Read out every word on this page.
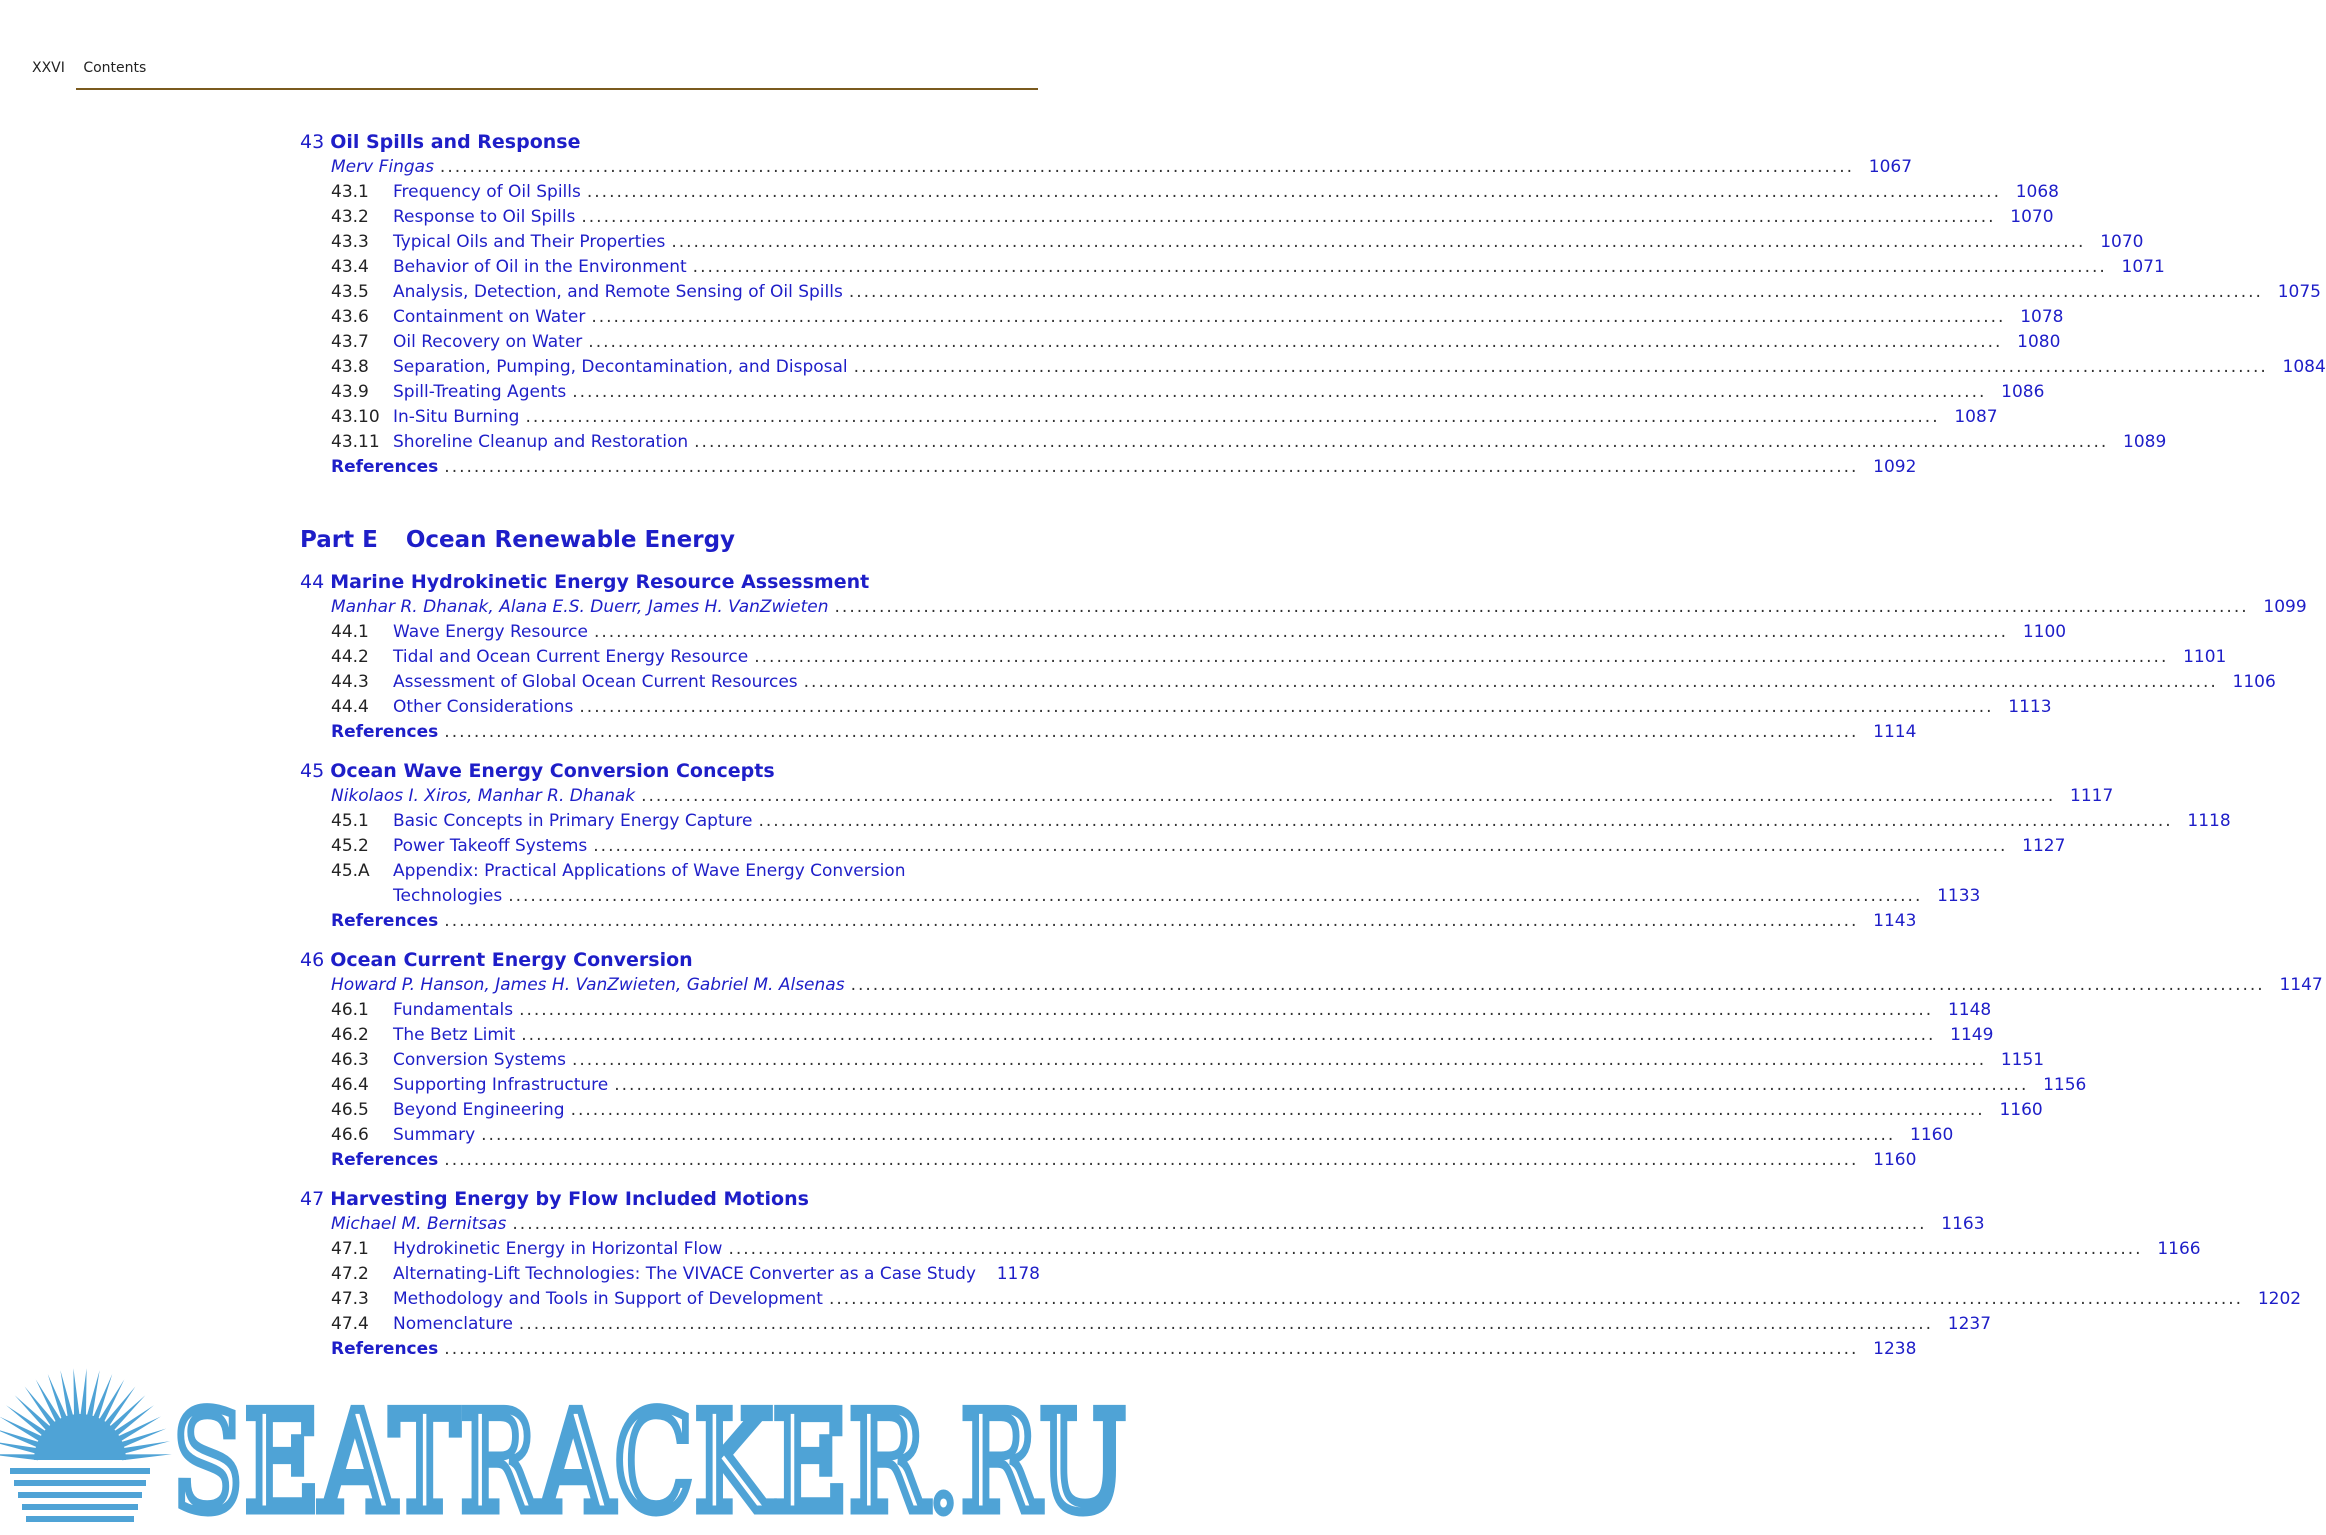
XXVI Contents
43 Oil Spills and Response
Merv Fingas .....	1067
43.1	Frequency of Oil Spills .....	1068
43.2	Response to Oil Spills .....	1070
43.3	Typical Oils and Their Properties .....	1070
43.4	Behavior of Oil in the Environment .....	1071
43.5	Analysis, Detection, and Remote Sensing of Oil Spills .....	1075
43.6	Containment on Water .....	1078
43.7	Oil Recovery on Water .....	1080
43.8	Separation, Pumping, Decontamination, and Disposal .....	1084
43.9	Spill-Treating Agents .....	1086
43.10 In-Situ Burning .....	1087
43.11 Shoreline Cleanup and Restoration .....	1089
References .....	1092
Part E Ocean Renewable Energy
44 Marine Hydrokinetic Energy Resource Assessment
Manhar R. Dhanak, Alana E.S. Duerr, James H. VanZwieten .....	1099
44.1	Wave Energy Resource .....	1100
44.2	Tidal and Ocean Current Energy Resource .....	1101
44.3	Assessment of Global Ocean Current Resources .....	1106
44.4	Other Considerations .....	1113
References .....	1114
45 Ocean Wave Energy Conversion Concepts
Nikolaos I. Xiros, Manhar R. Dhanak .....	1117
45.1	Basic Concepts in Primary Energy Capture .....	1118
45.2	Power Takeoff Systems .....	1127
45.A	Appendix: Practical Applications of Wave Energy Conversion
Technologies .....	1133
References .....	1143
46 Ocean Current Energy Conversion
Howard P. Hanson, James H. VanZwieten, Gabriel M. Alsenas .....	1147
46.1	Fundamentals .....	1148
46.2	The Betz Limit .....	1149
46.3	Conversion Systems .....	1151
46.4	Supporting Infrastructure .....	1156
46.5	Beyond Engineering .....	1160
46.6	Summary .....	1160
References .....	1160
47 Harvesting Energy by Flow Included Motions
Michael M. Bernitsas .....	1163
47.1	Hydrokinetic Energy in Horizontal Flow .....	1166
47.2	Alternating-Lift Technologies: The VIVACE Converter as a Case Study	1178
47.3	Methodology and Tools in Support of Development .....	1202
47.4	Nomenclature .....	1237
References .....	1238
SEATRACKER.RU
